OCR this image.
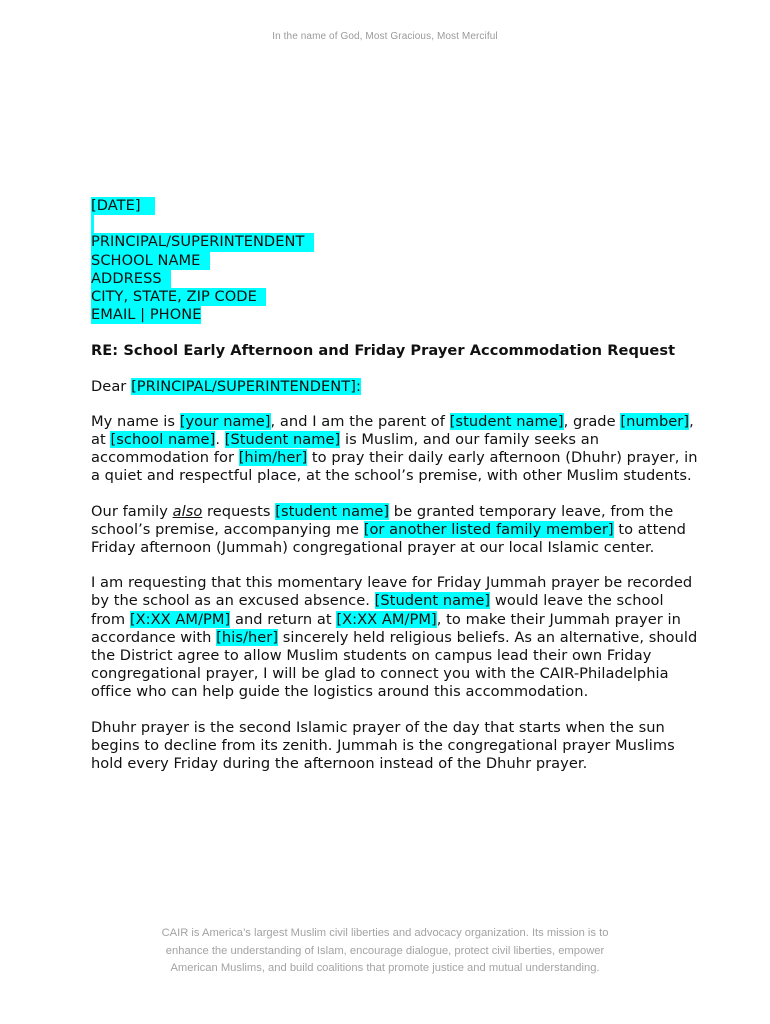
In the name of God, Most Gracious, Most Merciful
[DATE]
PRINCIPAL/SUPERINTENDENT
SCHOOL NAME
ADDRESS
CITY, STATE, ZIP CODE
EMAIL | PHONE
RE: School Early Afternoon and Friday Prayer Accommodation Request
Dear [PRINCIPAL/SUPERINTENDENT]:

My name is [your name], and I am the parent of [student name], grade [number], at [school name]. [Student name] is Muslim, and our family seeks an accommodation for [him/her] to pray their daily early afternoon (Dhuhr) prayer, in a quiet and respectful place, at the school’s premise, with other Muslim students.

Our family also requests [student name] be granted temporary leave, from the school’s premise, accompanying me [or another listed family member] to attend Friday afternoon (Jummah) congregational prayer at our local Islamic center.

I am requesting that this momentary leave for Friday Jummah prayer be recorded by the school as an excused absence. [Student name] would leave the school from [X:XX AM/PM] and return at [X:XX AM/PM], to make their Jummah prayer in accordance with [his/her] sincerely held religious beliefs. As an alternative, should the District agree to allow Muslim students on campus lead their own Friday congregational prayer, I will be glad to connect you with the CAIR-Philadelphia office who can help guide the logistics around this accommodation.

Dhuhr prayer is the second Islamic prayer of the day that starts when the sun begins to decline from its zenith. Jummah is the congregational prayer Muslims hold every Friday during the afternoon instead of the Dhuhr prayer.

CAIR is America’s largest Muslim civil liberties and advocacy organization. Its mission is to
enhance the understanding of Islam, encourage dialogue, protect civil liberties, empower
American Muslims, and build coalitions that promote justice and mutual understanding.
